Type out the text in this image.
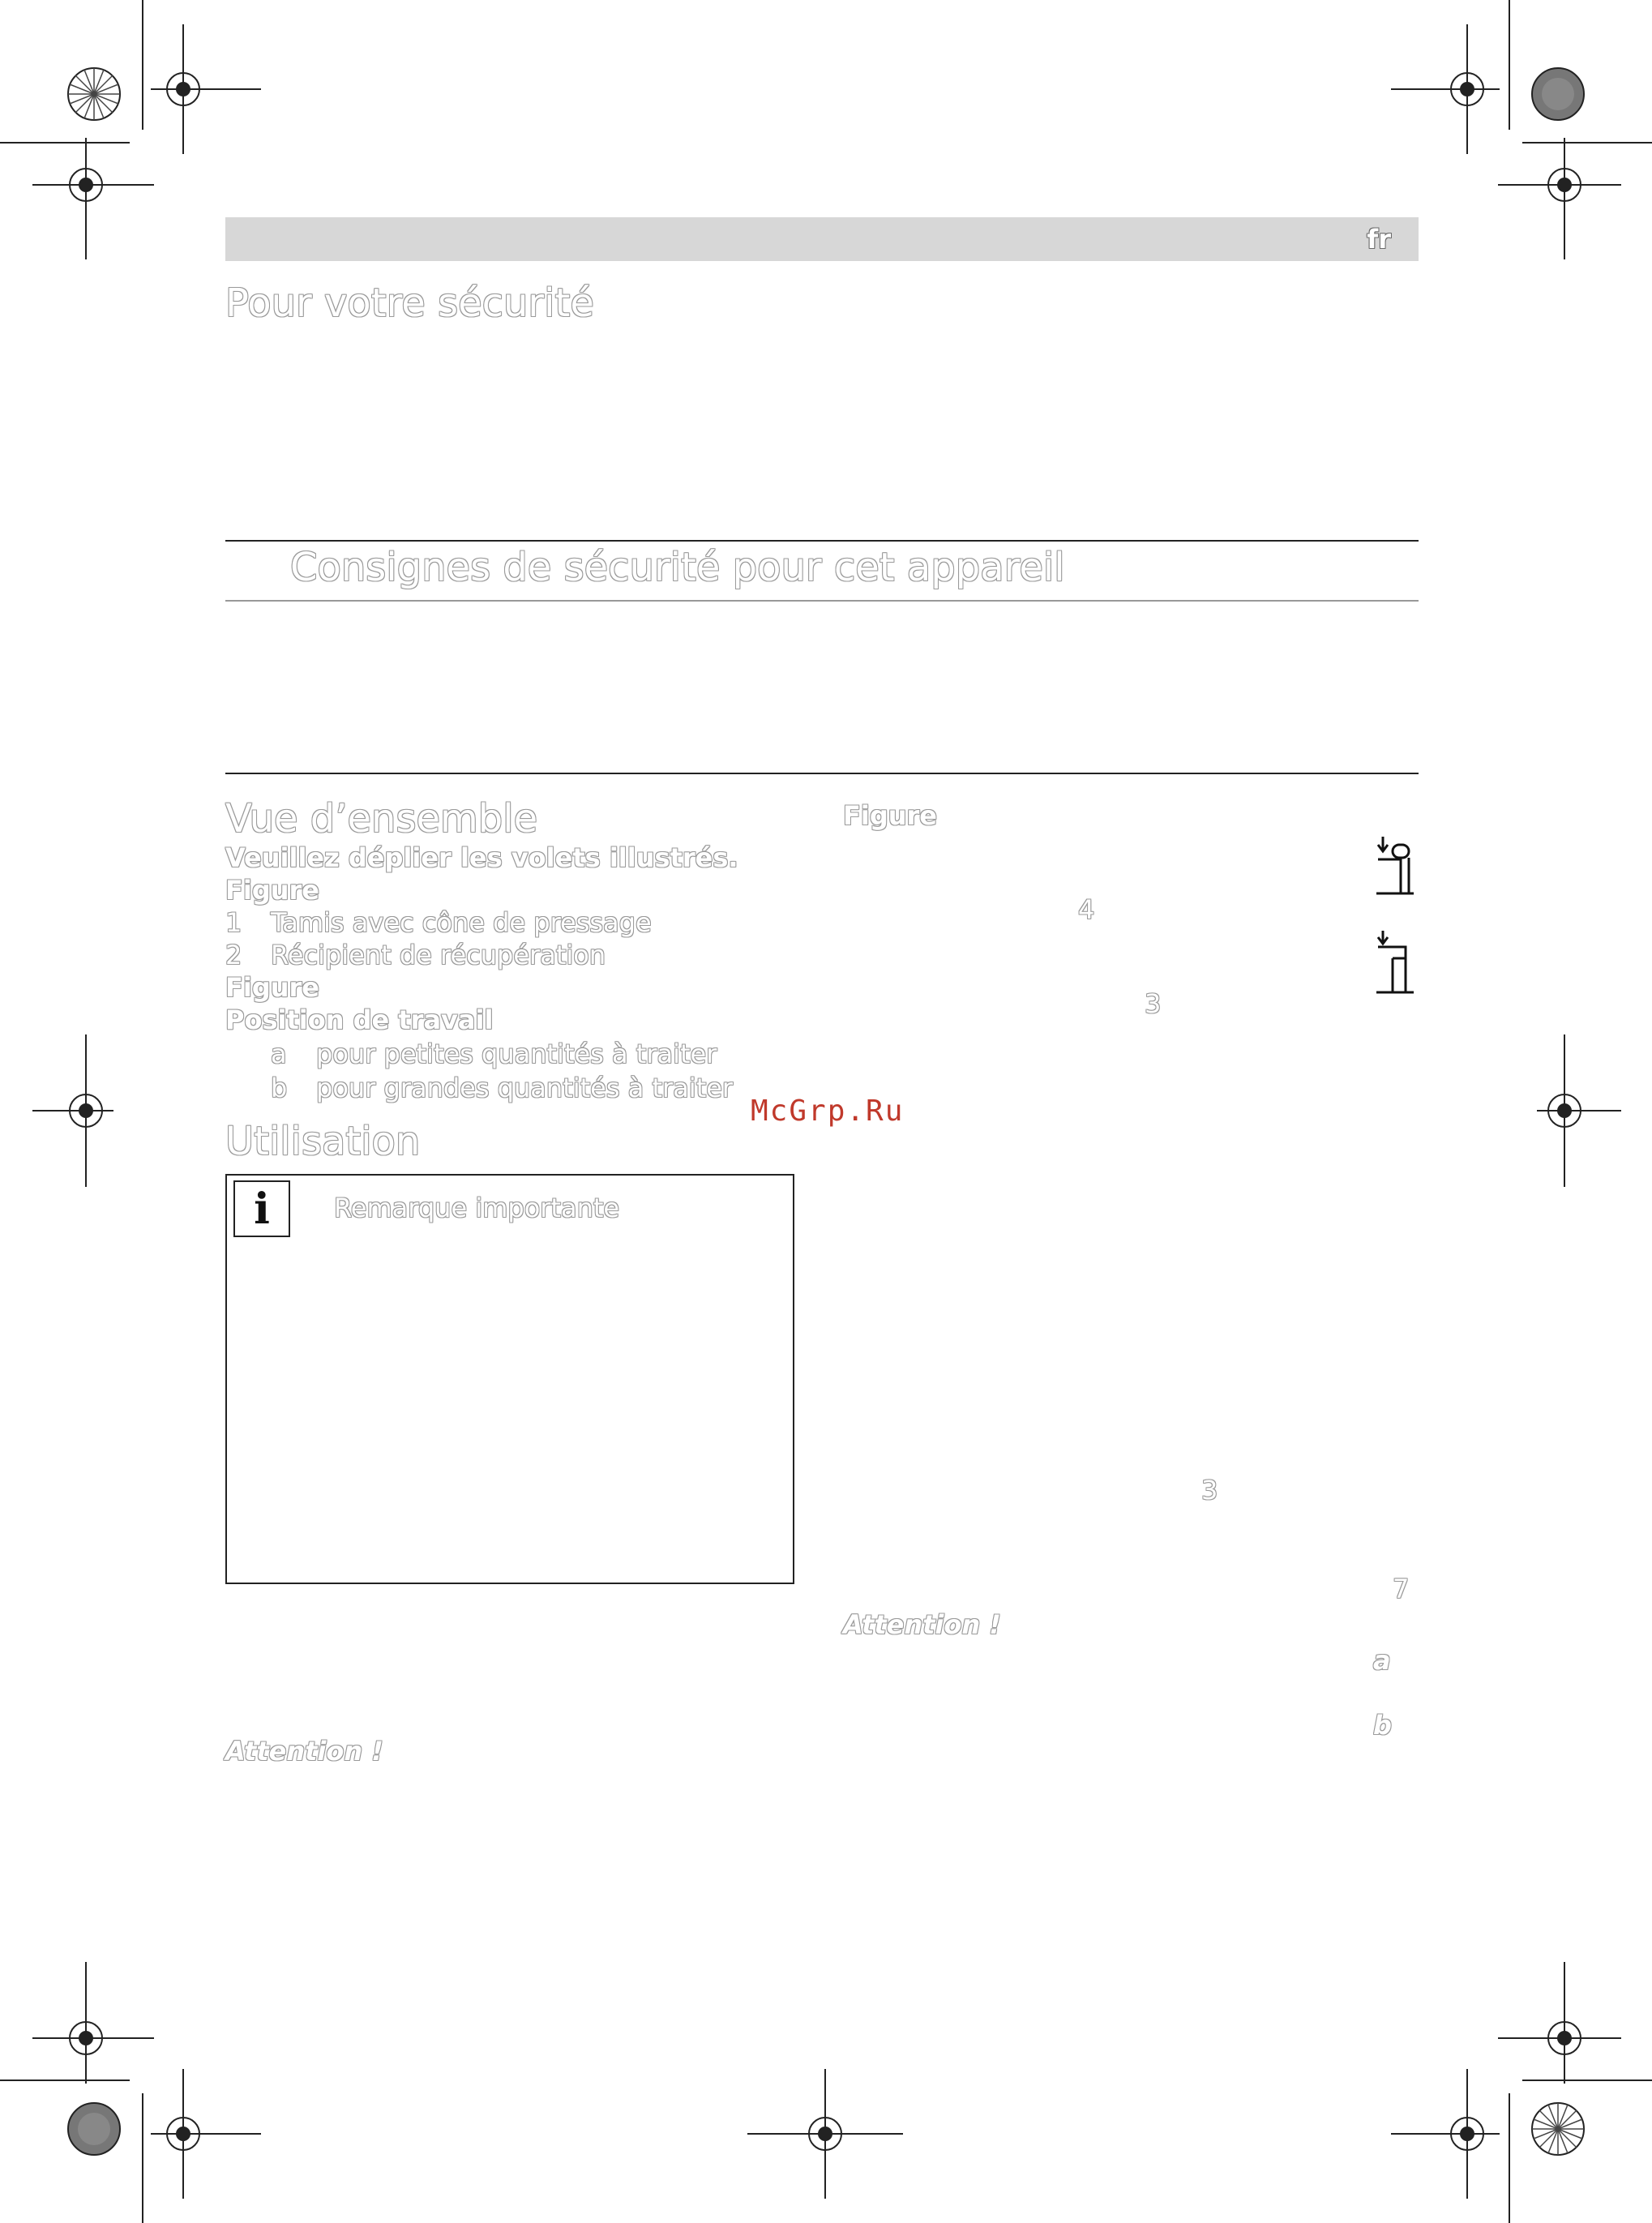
fr
Pour votre sécurité
Consignes de sécurité pour cet appareil
Vue d’ensemble
Veuillez déplier les volets illustrés.
Figure
1 Tamis avec cône de pressage
2 Récipient de récupération
Figure
Position de travail
a pour petites quantités à traiter
b pour grandes quantités à traiter
Utilisation
i	Remarque importante
Attention !
Figure
4
3
McGrp.Ru
3
7
Attention !
a
b
